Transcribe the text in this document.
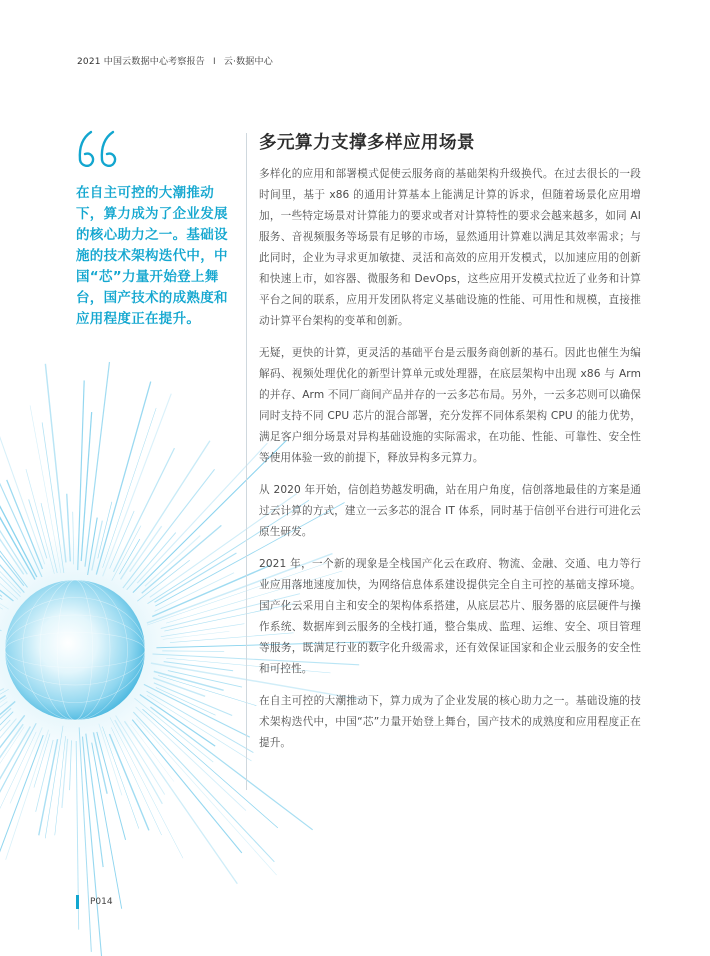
2021 中国云数据中心考察报告 I 云·数据中心
在自主可控的大潮推动下，算力成为了企业发展的核心助力之一。基础设施的技术架构迭代中，中国“芯”力量开始登上舞台，国产技术的成熟度和应用程度正在提升。
多元算力支撑多样应用场景

多样化的应用和部署模式促使云服务商的基础架构升级换代。在过去很长的一段时间里，基于 x86 的通用计算基本上能满足计算的诉求，但随着场景化应用增加，一些特定场景对计算能力的要求或者对计算特性的要求会越来越多，如同 AI 服务、音视频服务等场景有足够的市场，显然通用计算难以满足其效率需求；与此同时，企业为寻求更加敏捷、灵活和高效的应用开发模式，以加速应用的创新和快速上市，如容器、微服务和 DevOps，这些应用开发模式拉近了业务和计算平台之间的联系，应用开发团队将定义基础设施的性能、可用性和规模，直接推动计算平台架构的变革和创新。

无疑，更快的计算，更灵活的基础平台是云服务商创新的基石。因此也催生为编解码、视频处理优化的新型计算单元或处理器，在底层架构中出现 x86 与 Arm 的并存、Arm 不同厂商间产品并存的一云多芯布局。另外，一云多芯则可以确保同时支持不同 CPU 芯片的混合部署，充分发挥不同体系架构 CPU 的能力优势，满足客户细分场景对异构基础设施的实际需求，在功能、性能、可靠性、安全性等使用体验一致的前提下，释放异构多元算力。

从 2020 年开始，信创趋势越发明确，站在用户角度，信创落地最佳的方案是通过云计算的方式，建立一云多芯的混合 IT 体系，同时基于信创平台进行可进化云原生研发。

2021 年，一个新的现象是全栈国产化云在政府、物流、金融、交通、电力等行业应用落地速度加快，为网络信息体系建设提供完全自主可控的基础支撑环境。国产化云采用自主和安全的架构体系搭建，从底层芯片、服务器的底层硬件与操作系统、数据库到云服务的全栈打通，整合集成、监理、运维、安全、项目管理等服务，既满足行业的数字化升级需求，还有效保证国家和企业云服务的安全性和可控性。

在自主可控的大潮推动下，算力成为了企业发展的核心助力之一。基础设施的技术架构迭代中，中国“芯”力量开始登上舞台，国产技术的成熟度和应用程度正在提升。

P014
